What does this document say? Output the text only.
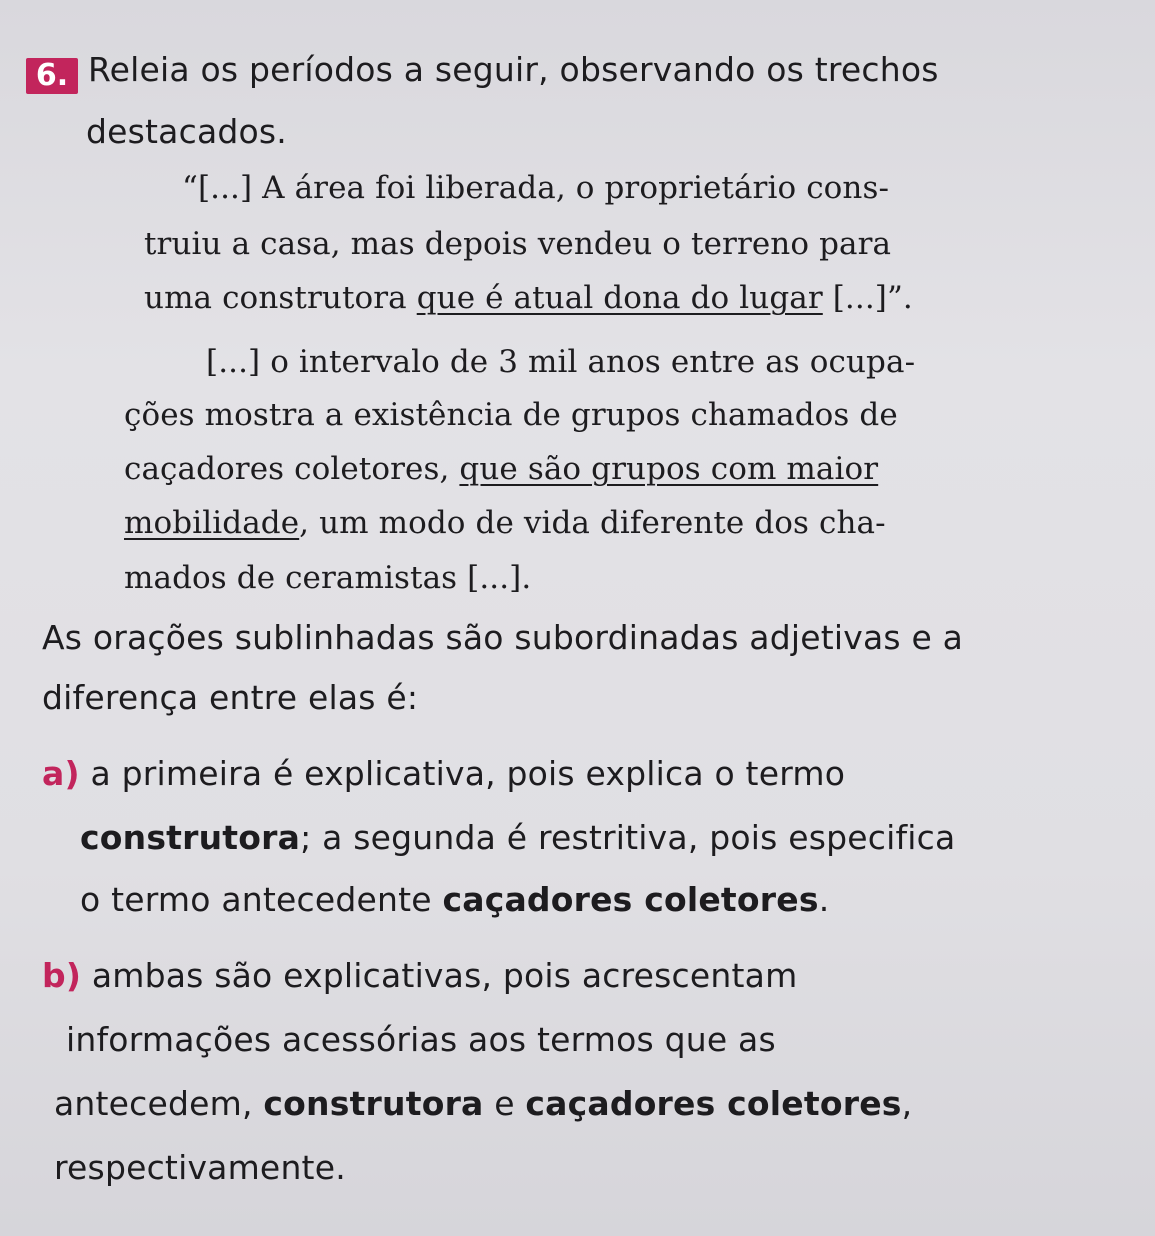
6. Releia os períodos a seguir, observando os trechos
destacados.
“[...] A área foi liberada, o proprietário cons-
truiu a casa, mas depois vendeu o terreno para
uma construtora que é atual dona do lugar [...]”.
[...] o intervalo de 3 mil anos entre as ocupa-
ções mostra a existência de grupos chamados de
caçadores coletores, que são grupos com maior
mobilidade, um modo de vida diferente dos cha-
mados de ceramistas [...].
As orações sublinhadas são subordinadas adjetivas e a
diferença entre elas é:
a) a primeira é explicativa, pois explica o termo
construtora; a segunda é restritiva, pois especifica
o termo antecedente caçadores coletores.
b) ambas são explicativas, pois acrescentam
informações acessórias aos termos que as
antecedem, construtora e caçadores coletores,
respectivamente.
